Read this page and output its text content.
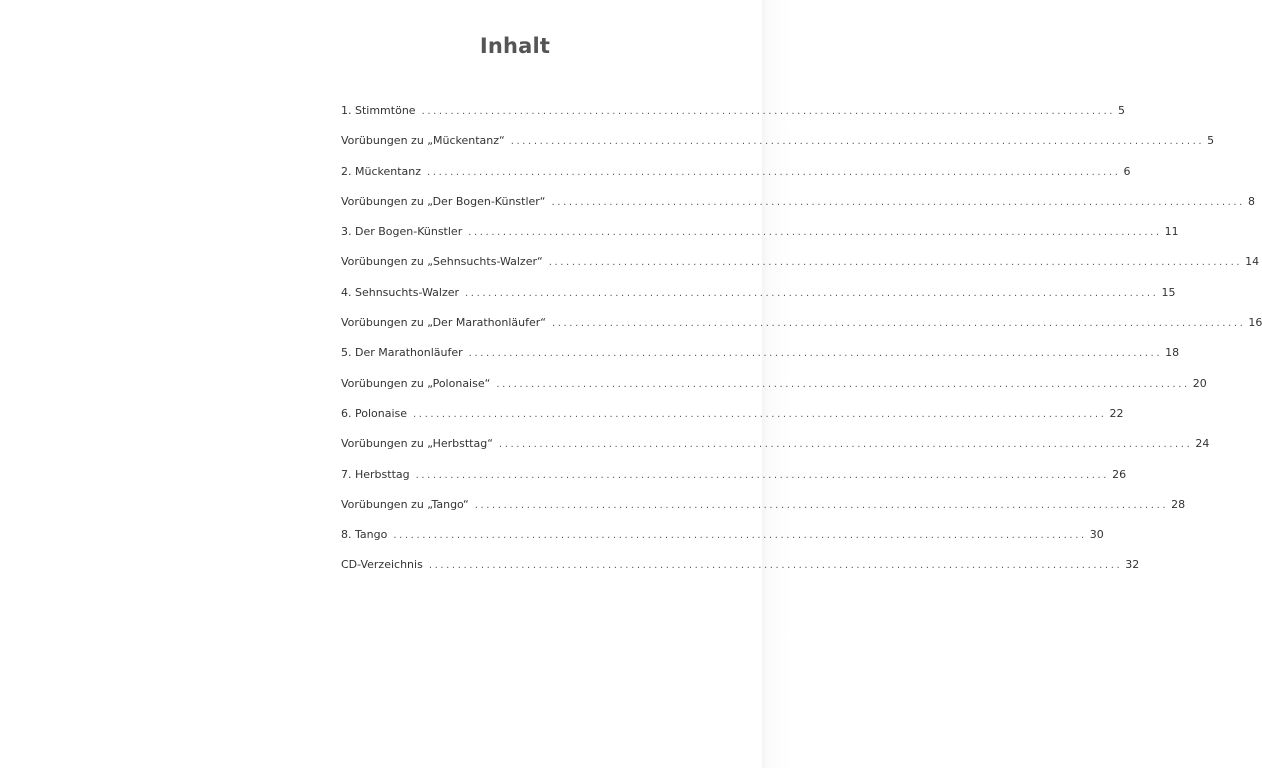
Inhalt
1. Stimmtöne ........................................................................................................................ 5
Vorübungen zu „Mückentanz“ ........................................................................................................................ 5
2. Mückentanz ........................................................................................................................ 6
Vorübungen zu „Der Bogen-Künstler“ ........................................................................................................................ 8
3. Der Bogen-Künstler ........................................................................................................................ 11
Vorübungen zu „Sehnsuchts-Walzer“ ........................................................................................................................ 14
4. Sehnsuchts-Walzer ........................................................................................................................ 15
Vorübungen zu „Der Marathonläufer“ ........................................................................................................................ 16
5. Der Marathonläufer ........................................................................................................................ 18
Vorübungen zu „Polonaise“ ........................................................................................................................ 20
6. Polonaise ........................................................................................................................ 22
Vorübungen zu „Herbsttag“ ........................................................................................................................ 24
7. Herbsttag ........................................................................................................................ 26
Vorübungen zu „Tango“ ........................................................................................................................ 28
8. Tango ........................................................................................................................ 30
CD-Verzeichnis ........................................................................................................................ 32
